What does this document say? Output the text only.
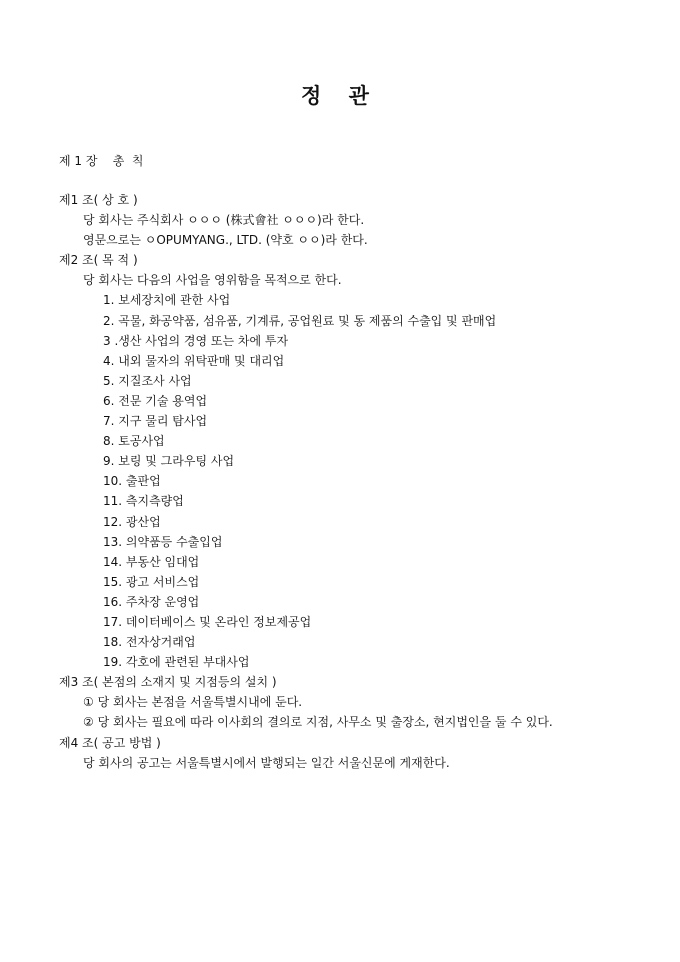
정 관
제 1 장    총  칙
제1 조( 상 호 )
당 회사는 주식회사 ㅇㅇㅇ (株式會社 ㅇㅇㅇ)라 한다.
영문으로는 ㅇOPUMYANG., LTD. (약호 ㅇㅇ)라 한다.
제2 조( 목 적 )
당 회사는 다음의 사업을 영위함을 목적으로 한다.
1. 보세장치에 관한 사업
2. 곡물, 화공약품, 섬유품, 기계류, 공업원료 및 동 제품의 수출입 및 판매업
3 .생산 사업의 경영 또는 차에 투자
4. 내외 물자의 위탁판매 및 대리업
5. 지질조사 사업
6. 전문 기술 용역업
7. 지구 물리 탐사업
8. 토공사업
9. 보링 및 그라우팅 사업
10. 출판업
11. 측지측량업
12. 광산업
13. 의약품등 수출입업
14. 부동산 임대업
15. 광고 서비스업
16. 주차장 운영업
17. 데이터베이스 및 온라인 정보제공업
18. 전자상거래업
19. 각호에 관련된 부대사업
제3 조( 본점의 소재지 및 지점등의 설치 )
① 당 회사는 본점을 서울특별시내에 둔다.
② 당 회사는 필요에 따라 이사회의 결의로 지점, 사무소 및 출장소, 현지법인을 둘 수 있다.
제4 조( 공고 방법 )
당 회사의 공고는 서울특별시에서 발행되는 일간 서울신문에 게재한다.
